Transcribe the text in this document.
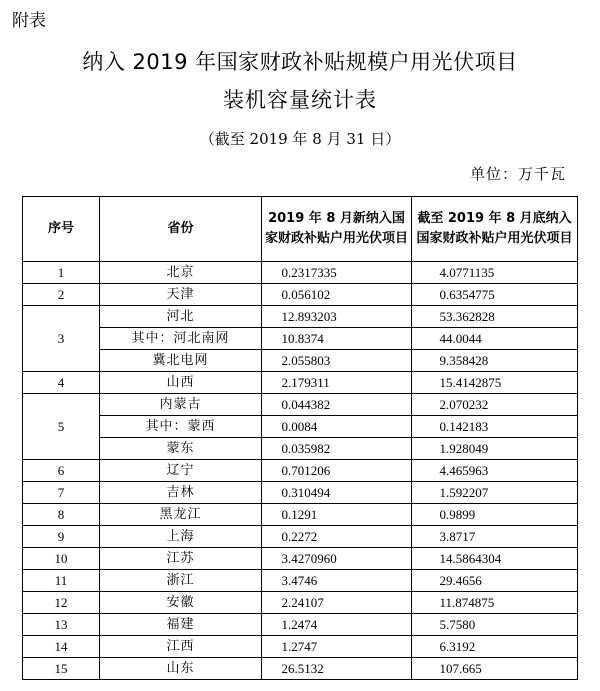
附表
纳入 2019 年国家财政补贴规模户用光伏项目
装机容量统计表
（截至 2019 年 8 月 31 日）
单位：万千瓦
序号	省份	2019 年 8 月新纳入国家财政补贴户用光伏项目	截至 2019 年 8 月底纳入国家财政补贴户用光伏项目
1	北京	0.2317335	4.0771135
2	天津	0.056102	0.6354775
3	河北	12.893203	53.362828
	其中：河北南网	10.8374	44.0044
	冀北电网	2.055803	9.358428
4	山西	2.179311	15.4142875
5	内蒙古	0.044382	2.070232
	其中：蒙西	0.0084	0.142183
	蒙东	0.035982	1.928049
6	辽宁	0.701206	4.465963
7	吉林	0.310494	1.592207
8	黑龙江	0.1291	0.9899
9	上海	0.2272	3.8717
10	江苏	3.4270960	14.5864304
11	浙江	3.4746	29.4656
12	安徽	2.24107	11.874875
13	福建	1.2474	5.7580
14	江西	1.2747	6.3192
15	山东	26.5132	107.665
